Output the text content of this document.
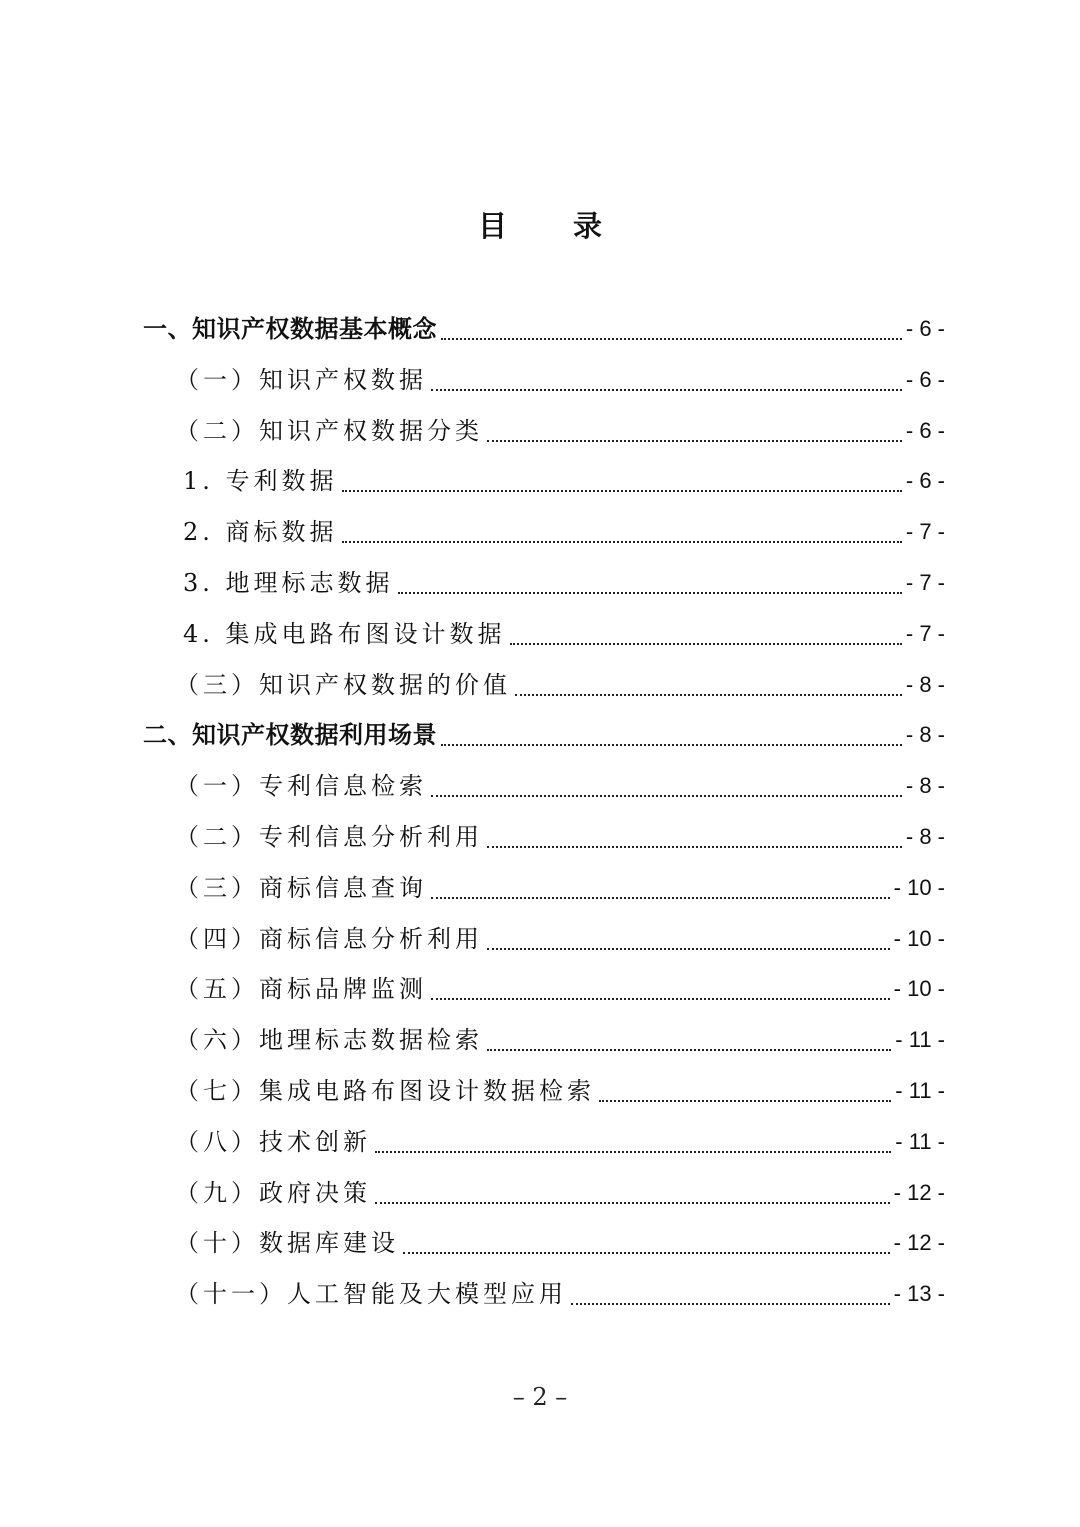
目 录
一、知识产权数据基本概念	- 6 -
（一）知识产权数据	- 6 -
（二）知识产权数据分类	- 6 -
1. 专利数据	- 6 -
2. 商标数据	- 7 -
3. 地理标志数据	- 7 -
4. 集成电路布图设计数据	- 7 -
（三）知识产权数据的价值	- 8 -
二、知识产权数据利用场景	- 8 -
（一）专利信息检索	- 8 -
（二）专利信息分析利用	- 8 -
（三）商标信息查询	- 10 -
（四）商标信息分析利用	- 10 -
（五）商标品牌监测	- 10 -
（六）地理标志数据检索	- 11 -
（七）集成电路布图设计数据检索	- 11 -
（八）技术创新	- 11 -
（九）政府决策	- 12 -
（十）数据库建设	- 12 -
（十一）人工智能及大模型应用	- 13 -
– 2 –
